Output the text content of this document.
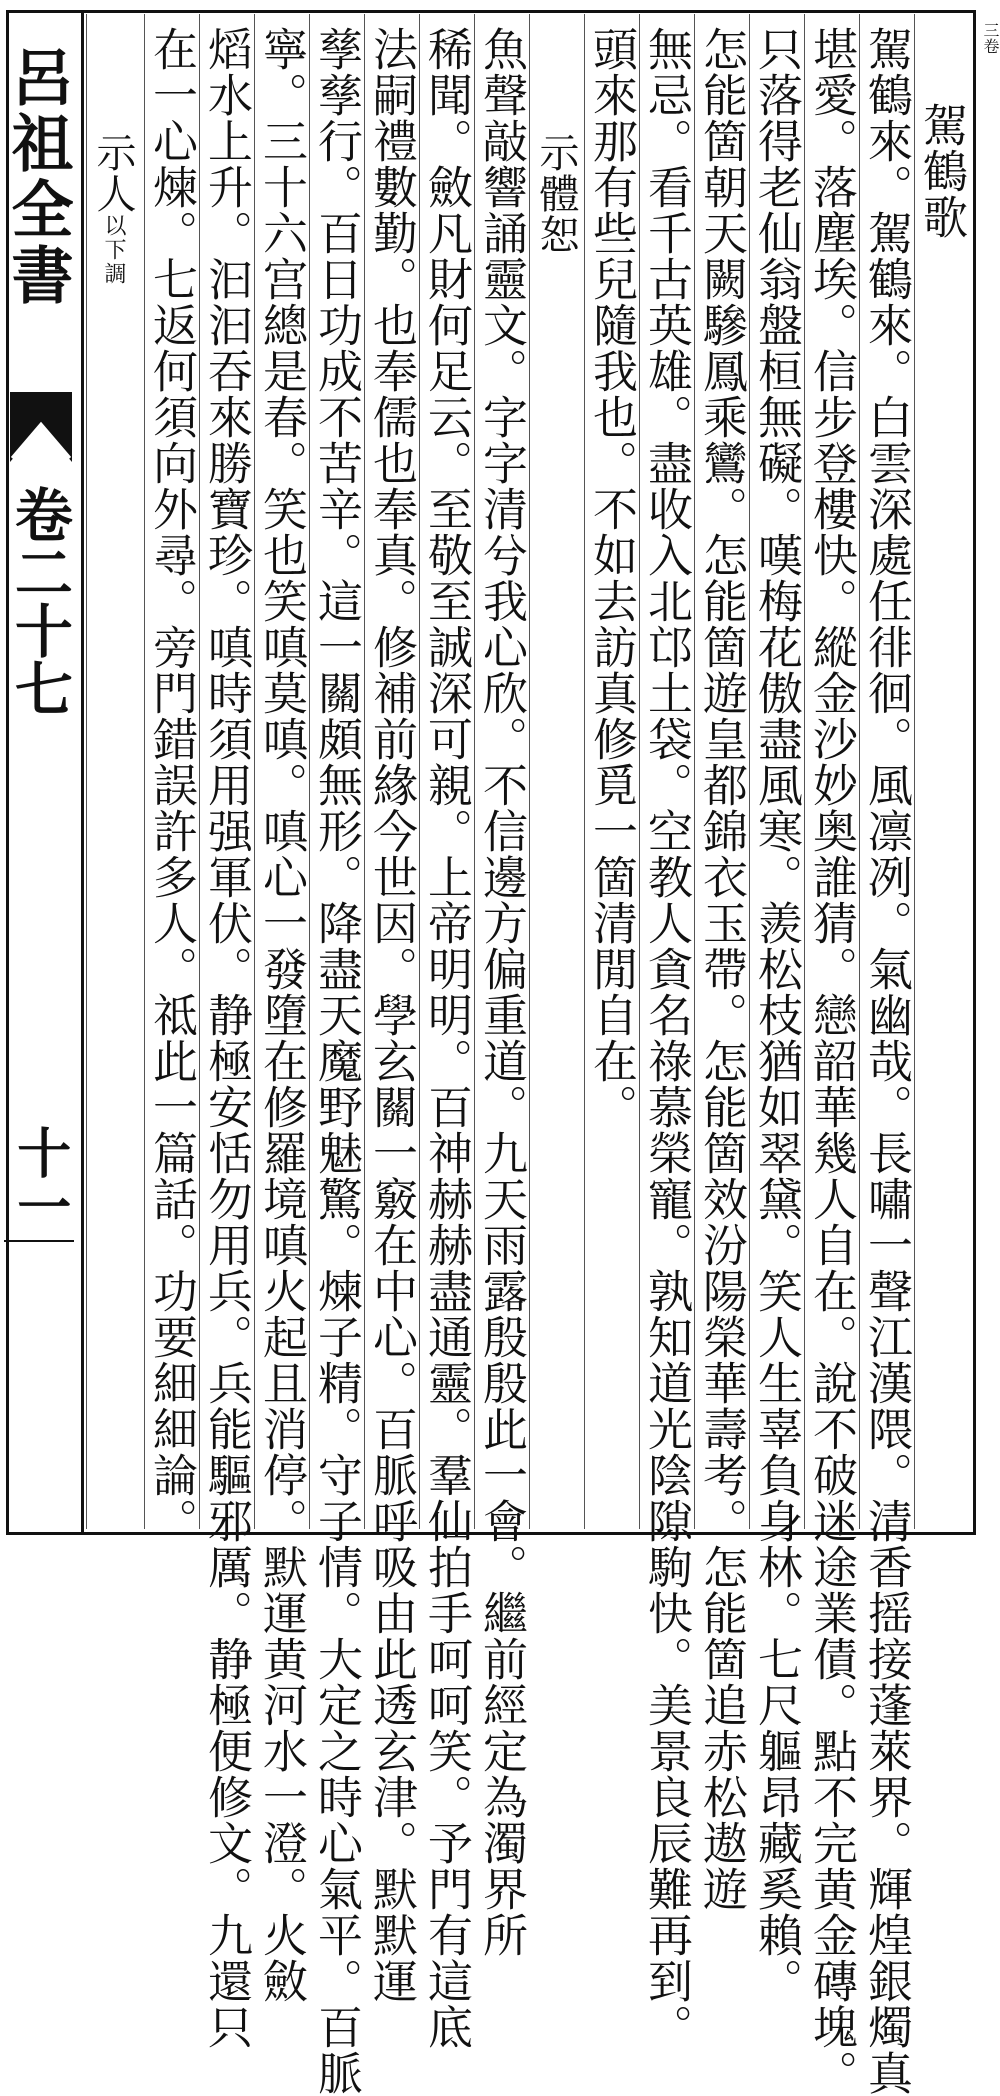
三卷
呂祖全書
卷二十七
十一
駕鶴歌
駕鶴來。駕鶴來。白雲深處任徘徊。風凛冽。氣幽哉。長嘯一聲江漢隈。清香摇接蓬萊界。輝煌銀燭真
堪愛。落塵埃。信步登樓快。縱金沙妙奥誰猜。戀韶華幾人自在。說不破迷途業債。點不完黄金磚塊。
只落得老仙翁盤桓無礙。嘆梅花傲盡風寒。羨松枝猶如翠黛。笑人生辜負身林。七尺軀昂藏奚賴。
怎能箇朝天闕驂鳳乘鸞。怎能箇遊皇都錦衣玉帶。怎能箇效汾陽榮華壽考。怎能箇追赤松遨遊
無忌。看千古英雄。盡收入北邙土袋。空教人貪名祿慕榮寵。孰知道光陰隙駒快。美景良辰難再到。
頭來那有些兒隨我也。不如去訪真修覓一箇清閒自在。
示體恕
魚聲敲響誦靈文。字字清兮我心欣。不信邊方偏重道。九天雨露殷殷此一會。繼前經定為濁界所
稀聞。斂凡財何足云。至敬至誠深可親。上帝明明。百神赫赫盡通靈。羣仙拍手呵呵笑。予門有這底
法嗣禮數勤。也奉儒也奉真。修補前緣今世因。學玄關一竅在中心。百脈呼吸由此透玄津。默默運
孳孳行。百日功成不苦辛。這一關頗無形。降盡天魔野魅驚。煉子精。守子情。大定之時心氣平。百脈
寧。三十六宫總是春。笑也笑嗔莫嗔。嗔心一發墮在修羅境嗔火起且消停。默運黄河水一澄。火斂
熖水上升。汩汩吞來勝寶珍。嗔時須用强軍伏。静極安恬勿用兵。兵能驅邪厲。静極便修文。九還只
在一心煉。七返何須向外尋。旁門錯誤許多人。祗此一篇話。功要細細論。
示人以下調
